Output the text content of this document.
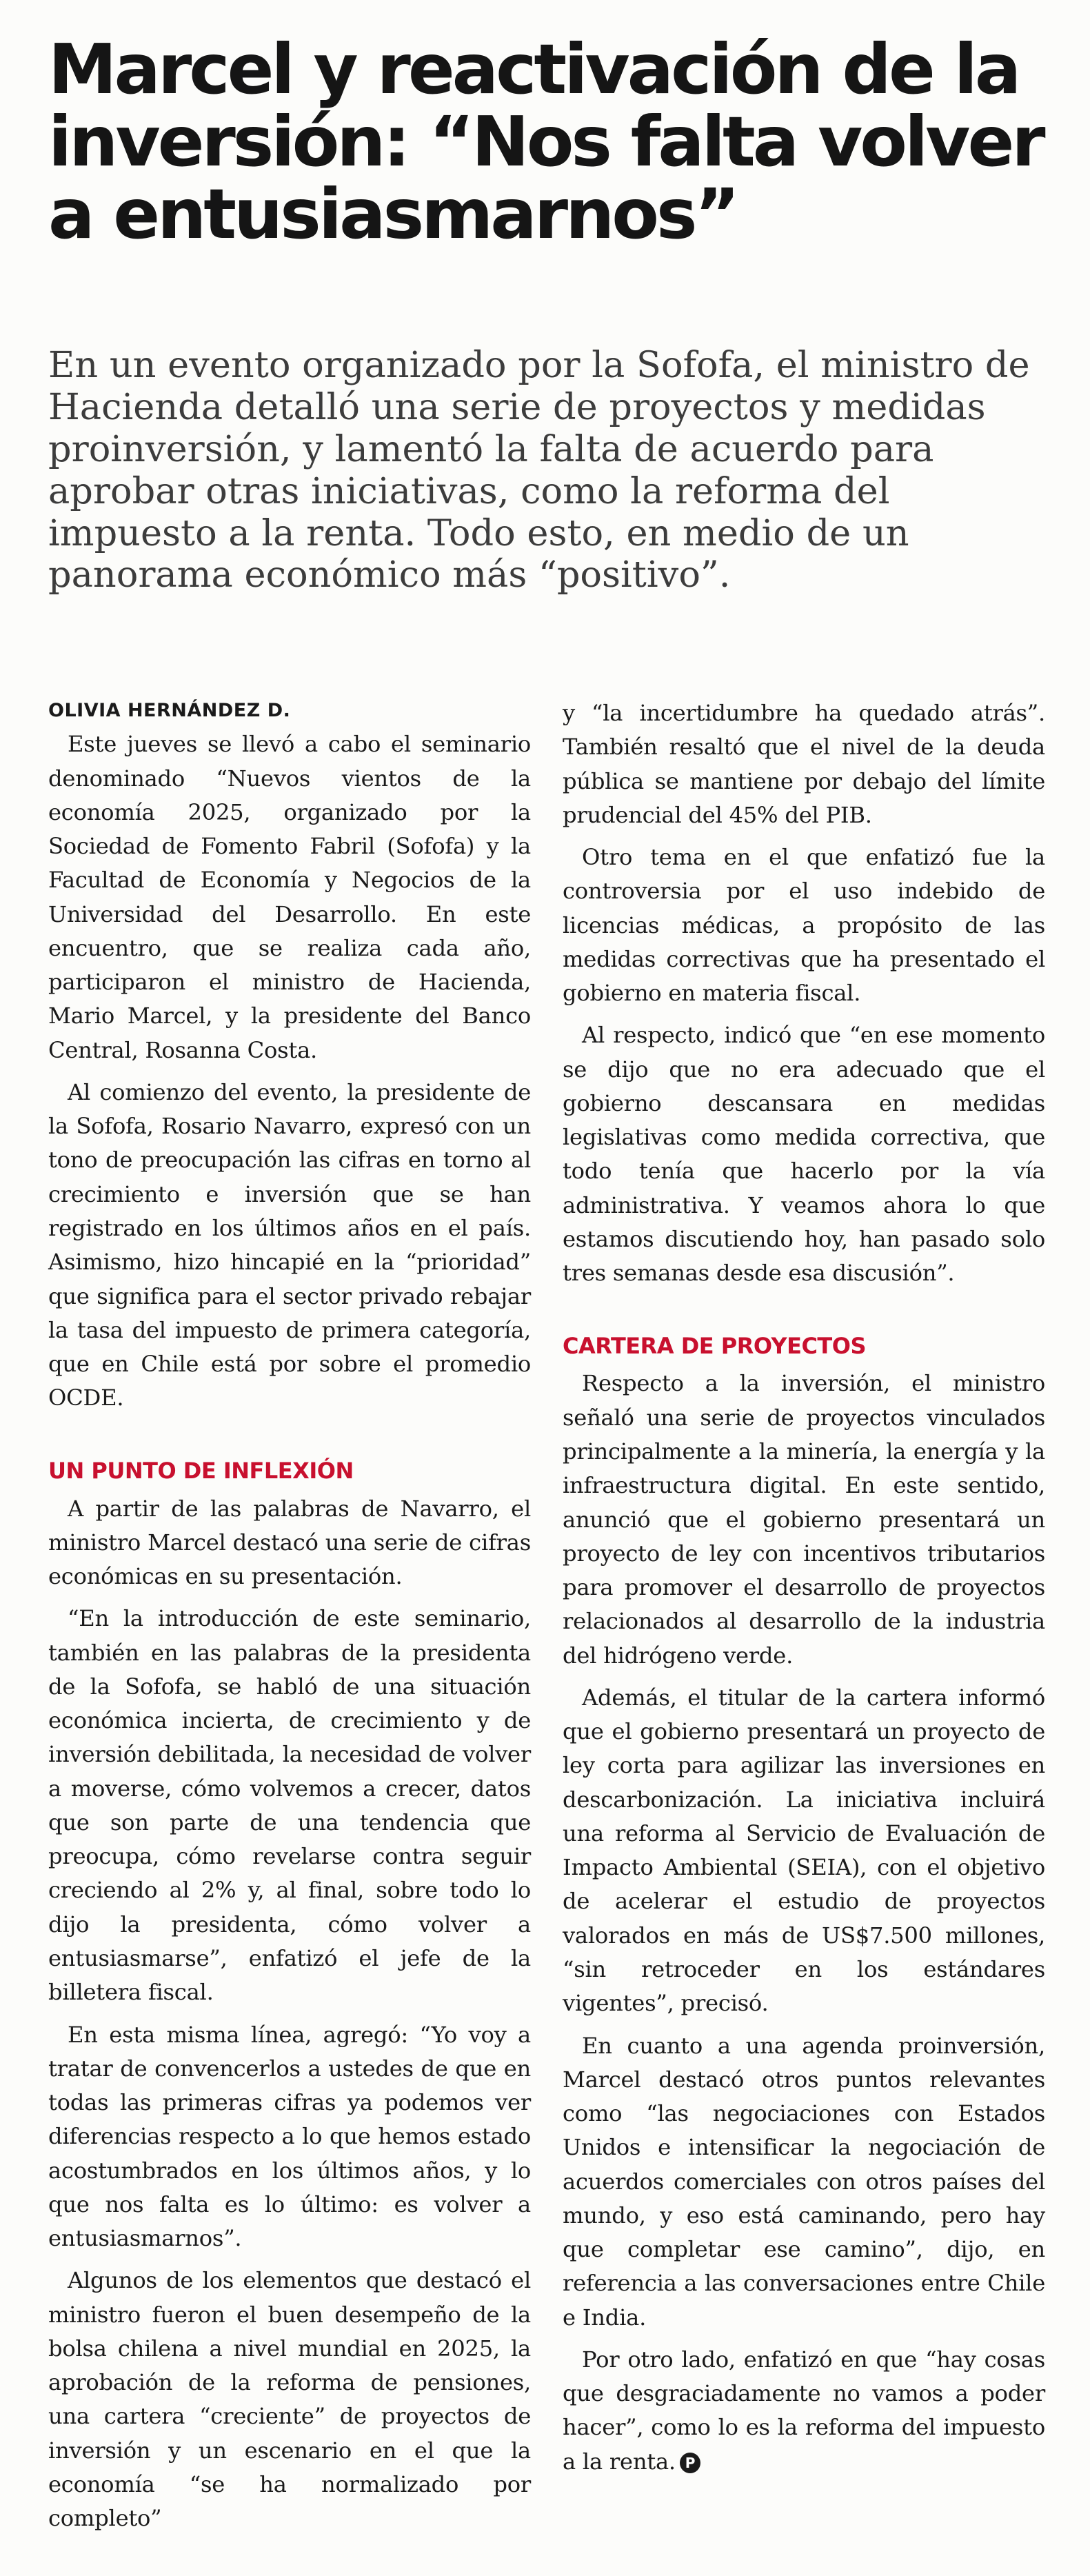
Marcel y reactivación de la inversión: “Nos falta volver a entusiasmarnos”

En un evento organizado por la Sofofa, el ministro de Hacienda detalló una serie de proyectos y medidas proinversión, y lamentó la falta de acuerdo para aprobar otras iniciativas, como la reforma del impuesto a la renta. Todo esto, en medio de un panorama económico más “positivo”.

OLIVIA HERNÁNDEZ D.

Este jueves se llevó a cabo el seminario denominado “Nuevos vientos de la economía 2025, organizado por la Sociedad de Fomento Fabril (Sofofa) y la Facultad de Economía y Negocios de la Universidad del Desarrollo. En este encuentro, que se realiza cada año, participaron el ministro de Hacienda, Mario Marcel, y la presidente del Banco Central, Rosanna Costa.

Al comienzo del evento, la presidente de la Sofofa, Rosario Navarro, expresó con un tono de preocupación las cifras en torno al crecimiento e inversión que se han registrado en los últimos años en el país. Asimismo, hizo hincapié en la “prioridad” que significa para el sector privado rebajar la tasa del impuesto de primera categoría, que en Chile está por sobre el promedio OCDE.

UN PUNTO DE INFLEXIÓN

A partir de las palabras de Navarro, el ministro Marcel destacó una serie de cifras económicas en su presentación.

“En la introducción de este seminario, también en las palabras de la presidenta de la Sofofa, se habló de una situación económica incierta, de crecimiento y de inversión debilitada, la necesidad de volver a moverse, cómo volvemos a crecer, datos que son parte de una tendencia que preocupa, cómo revelarse contra seguir creciendo al 2% y, al final, sobre todo lo dijo la presidenta, cómo volver a entusiasmarse”, enfatizó el jefe de la billetera fiscal.

En esta misma línea, agregó: “Yo voy a tratar de convencerlos a ustedes de que en todas las primeras cifras ya podemos ver diferencias respecto a lo que hemos estado acostumbrados en los últimos años, y lo que nos falta es lo último: es volver a entusiasmarnos”.

Algunos de los elementos que destacó el ministro fueron el buen desempeño de la bolsa chilena a nivel mundial en 2025, la aprobación de la reforma de pensiones, una cartera “creciente” de proyectos de inversión y un escenario en el que la economía “se ha normalizado por completo”

y “la incertidumbre ha quedado atrás”. También resaltó que el nivel de la deuda pública se mantiene por debajo del límite prudencial del 45% del PIB.

Otro tema en el que enfatizó fue la controversia por el uso indebido de licencias médicas, a propósito de las medidas correctivas que ha presentado el gobierno en materia fiscal.

Al respecto, indicó que “en ese momento se dijo que no era adecuado que el gobierno descansara en medidas legislativas como medida correctiva, que todo tenía que hacerlo por la vía administrativa. Y veamos ahora lo que estamos discutiendo hoy, han pasado solo tres semanas desde esa discusión”.

CARTERA DE PROYECTOS

Respecto a la inversión, el ministro señaló una serie de proyectos vinculados principalmente a la minería, la energía y la infraestructura digital. En este sentido, anunció que el gobierno presentará un proyecto de ley con incentivos tributarios para promover el desarrollo de proyectos relacionados al desarrollo de la industria del hidrógeno verde.

Además, el titular de la cartera informó que el gobierno presentará un proyecto de ley corta para agilizar las inversiones en descarbonización. La iniciativa incluirá una reforma al Servicio de Evaluación de Impacto Ambiental (SEIA), con el objetivo de acelerar el estudio de proyectos valorados en más de US$7.500 millones, “sin retroceder en los estándares vigentes”, precisó.

En cuanto a una agenda proinversión, Marcel destacó otros puntos relevantes como “las negociaciones con Estados Unidos e intensificar la negociación de acuerdos comerciales con otros países del mundo, y eso está caminando, pero hay que completar ese camino”, dijo, en referencia a las conversaciones entre Chile e India.

Por otro lado, enfatizó en que “hay cosas que desgraciadamente no vamos a poder hacer”, como lo es la reforma del impuesto a la renta. P
